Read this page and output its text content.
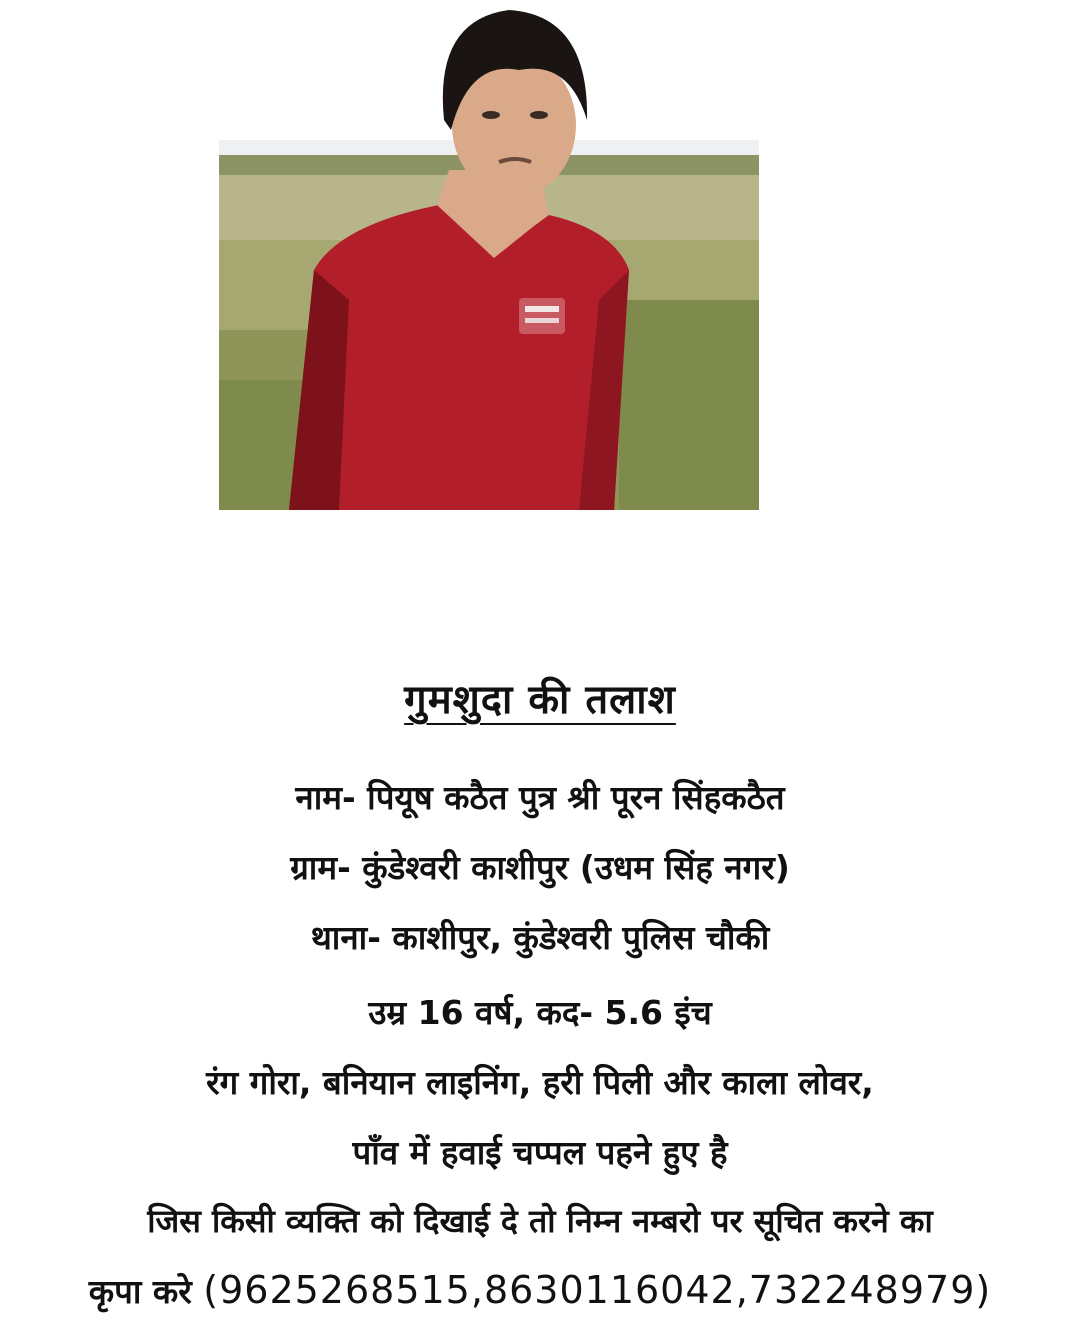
गुमशुदा की तलाश
नाम- पियूष कठैत पुत्र श्री पूरन सिंहकठैत
ग्राम- कुंडेश्वरी काशीपुर (उधम सिंह नगर)
थाना- काशीपुर, कुंडेश्वरी पुलिस चौकी
उम्र 16 वर्ष, कद- 5.6 इंच
रंग गोरा, बनियान लाइनिंग, हरी पिली और काला लोवर,
पाँव में हवाई चप्पल पहने हुए है
जिस किसी व्यक्ति को दिखाई दे तो निम्न नम्बरो पर सूचित करने का
कृपा करे (9625268515,8630116042,732248979)
